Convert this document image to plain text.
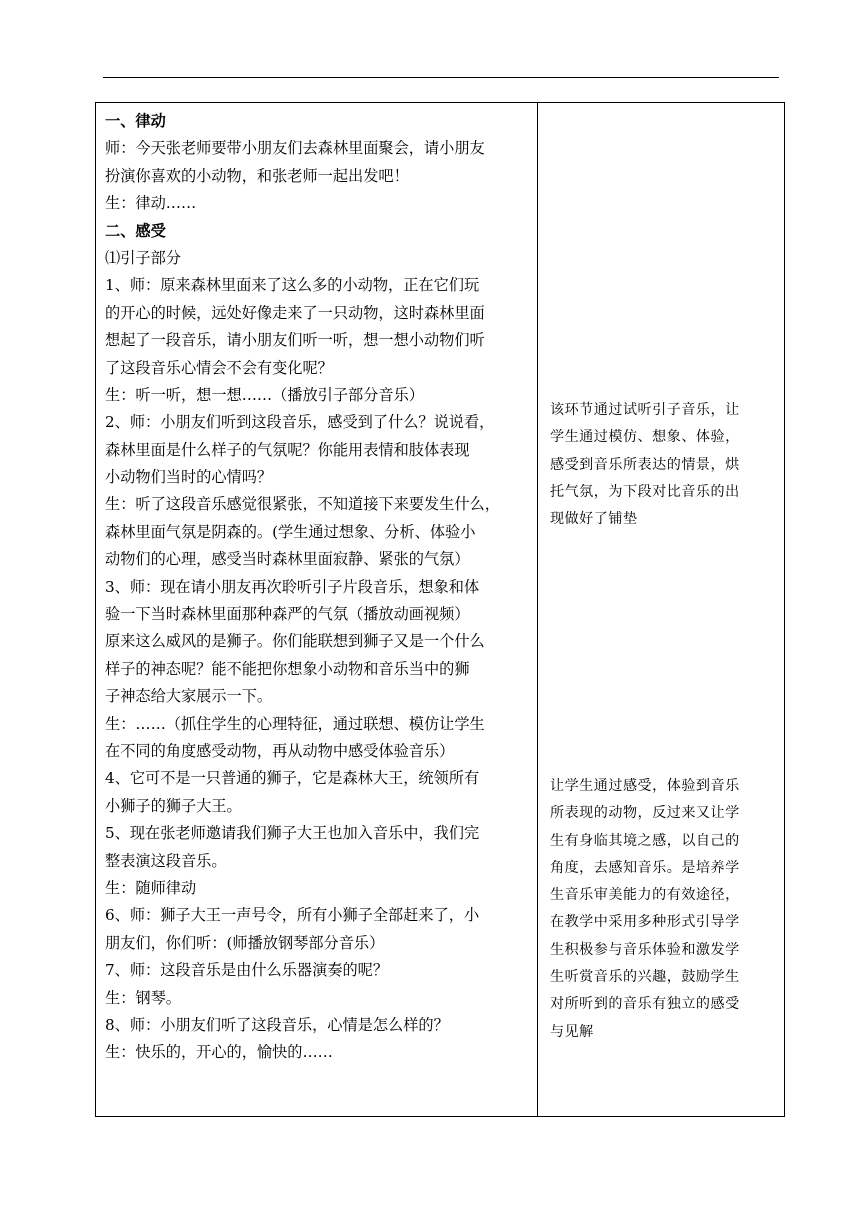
一、律动
师：今天张老师要带小朋友们去森林里面聚会，请小朋友
扮演你喜欢的小动物，和张老师一起出发吧！
生：律动……
二、感受
⑴引子部分
1、师：原来森林里面来了这么多的小动物，正在它们玩
的开心的时候，远处好像走来了一只动物，这时森林里面
想起了一段音乐，请小朋友们听一听，想一想小动物们听
了这段音乐心情会不会有变化呢？
生：听一听，想一想……（播放引子部分音乐）
2、师：小朋友们听到这段音乐，感受到了什么？说说看，
森林里面是什么样子的气氛呢？你能用表情和肢体表现
小动物们当时的心情吗？
生：听了这段音乐感觉很紧张，不知道接下来要发生什么，
森林里面气氛是阴森的。(学生通过想象、分析、体验小
动物们的心理，感受当时森林里面寂静、紧张的气氛）
3、师：现在请小朋友再次聆听引子片段音乐，想象和体
验一下当时森林里面那种森严的气氛（播放动画视频）
原来这么威风的是狮子。你们能联想到狮子又是一个什么
样子的神态呢？能不能把你想象小动物和音乐当中的狮
子神态给大家展示一下。
生：……（抓住学生的心理特征，通过联想、模仿让学生
在不同的角度感受动物，再从动物中感受体验音乐）
4、它可不是一只普通的狮子，它是森林大王，统领所有
小狮子的狮子大王。
5、现在张老师邀请我们狮子大王也加入音乐中，我们完
整表演这段音乐。
生：随师律动
6、师：狮子大王一声号令，所有小狮子全部赶来了，小
朋友们，你们听：(师播放钢琴部分音乐）
7、师：这段音乐是由什么乐器演奏的呢？
生：钢琴。
8、师：小朋友们听了这段音乐，心情是怎么样的？
生：快乐的，开心的，愉快的……
该环节通过试听引子音乐，让
学生通过模仿、想象、体验，
感受到音乐所表达的情景，烘
托气氛，为下段对比音乐的出
现做好了铺垫
让学生通过感受，体验到音乐
所表现的动物，反过来又让学
生有身临其境之感，以自己的
角度，去感知音乐。是培养学
生音乐审美能力的有效途径，
在教学中采用多种形式引导学
生积极参与音乐体验和激发学
生听赏音乐的兴趣，鼓励学生
对所听到的音乐有独立的感受
与见解
